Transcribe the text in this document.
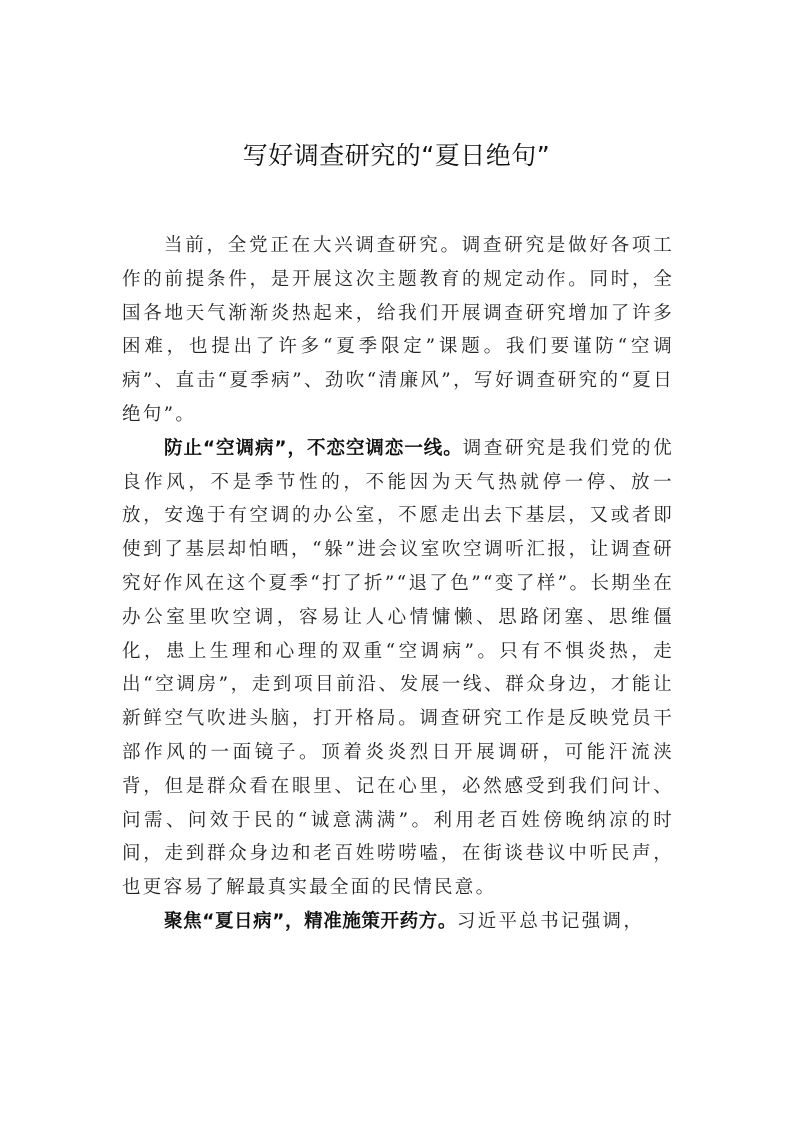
写好调查研究的“夏日绝句”

当前，全党正在大兴调查研究。调查研究是做好各项工作的前提条件，是开展这次主题教育的规定动作。同时，全国各地天气渐渐炎热起来，给我们开展调查研究增加了许多困难，也提出了许多“夏季限定”课题。我们要谨防“空调病”、直击“夏季病”、劲吹“清廉风”，写好调查研究的“夏日绝句”。

防止“空调病”，不恋空调恋一线。调查研究是我们党的优良作风，不是季节性的，不能因为天气热就停一停、放一放，安逸于有空调的办公室，不愿走出去下基层，又或者即使到了基层却怕晒，“躲”进会议室吹空调听汇报，让调查研究好作风在这个夏季“打了折”“退了色”“变了样”。长期坐在办公室里吹空调，容易让人心情慵懒、思路闭塞、思维僵化，患上生理和心理的双重“空调病”。只有不惧炎热，走出“空调房”，走到项目前沿、发展一线、群众身边，才能让新鲜空气吹进头脑，打开格局。调查研究工作是反映党员干部作风的一面镜子。顶着炎炎烈日开展调研，可能汗流浃背，但是群众看在眼里、记在心里，必然感受到我们问计、问需、问效于民的“诚意满满”。利用老百姓傍晚纳凉的时间，走到群众身边和老百姓唠唠嗑，在街谈巷议中听民声，也更容易了解最真实最全面的民情民意。

聚焦“夏日病”，精准施策开药方。习近平总书记强调，
